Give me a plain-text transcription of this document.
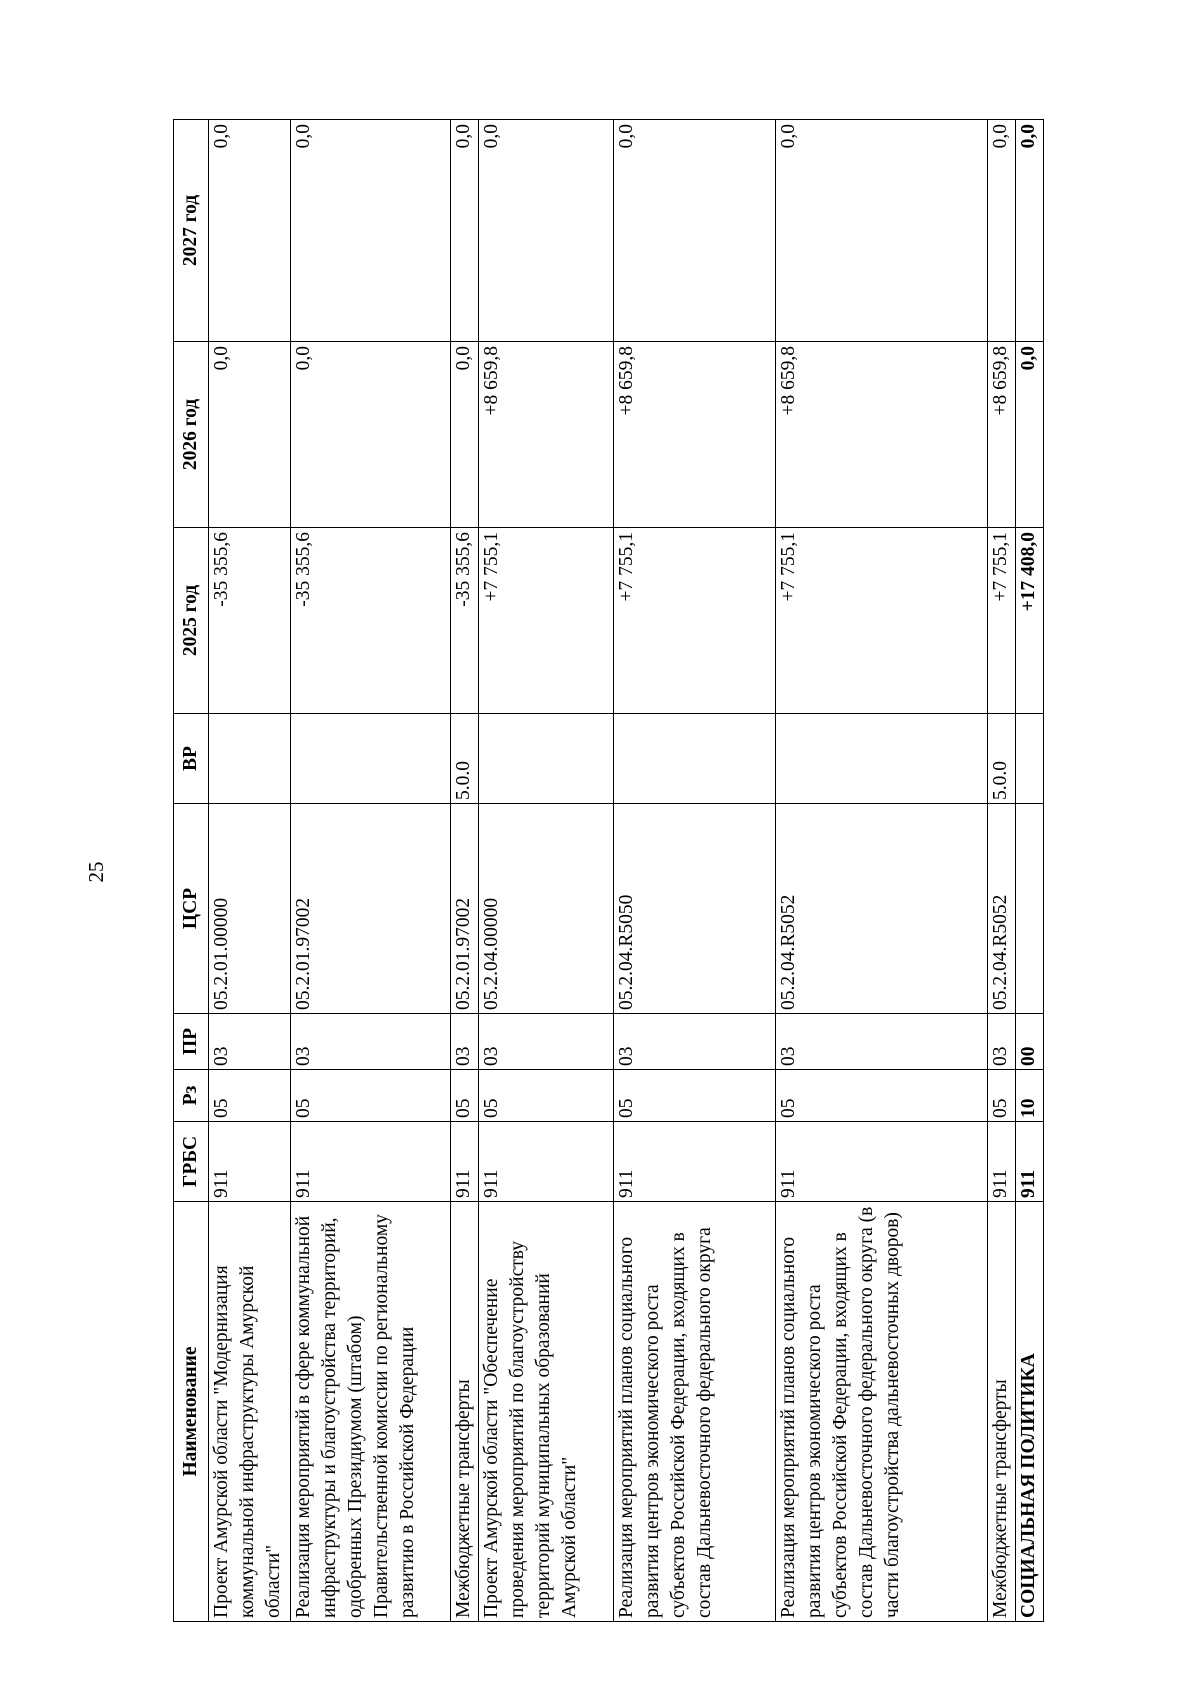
25
Наименование	ГРБС	Рз	ПР	ЦСР	ВР	2025 год	2026 год	2027 год
Проект Амурской области "Модернизация коммунальной инфраструктуры Амурской области"	911	05	03	05.2.01.00000		-35 355,6	0,0	0,0
Реализация мероприятий в сфере коммунальной инфраструктуры и благоустройства территорий, одобренных Президиумом (штабом) Правительственной комиссии по региональному развитию в Российской Федерации	911	05	03	05.2.01.97002		-35 355,6	0,0	0,0
Межбюджетные трансферты	911	05	03	05.2.01.97002	5.0.0	-35 355,6	0,0	0,0
Проект Амурской области "Обеспечение проведения мероприятий по благоустройству территорий муниципальных образований Амурской области"	911	05	03	05.2.04.00000		+7 755,1	+8 659,8	0,0
Реализация мероприятий планов социального развития центров экономического роста субъектов Российской Федерации, входящих в состав Дальневосточного федерального округа	911	05	03	05.2.04.R5050		+7 755,1	+8 659,8	0,0
Реализация мероприятий планов социального развития центров экономического роста субъектов Российской Федерации, входящих в состав Дальневосточного федерального округа (в части благоустройства дальневосточных дворов)	911	05	03	05.2.04.R5052		+7 755,1	+8 659,8	0,0
Межбюджетные трансферты	911	05	03	05.2.04.R5052	5.0.0	+7 755,1	+8 659,8	0,0
СОЦИАЛЬНАЯ ПОЛИТИКА	911	10	00			+17 408,0	0,0	0,0
